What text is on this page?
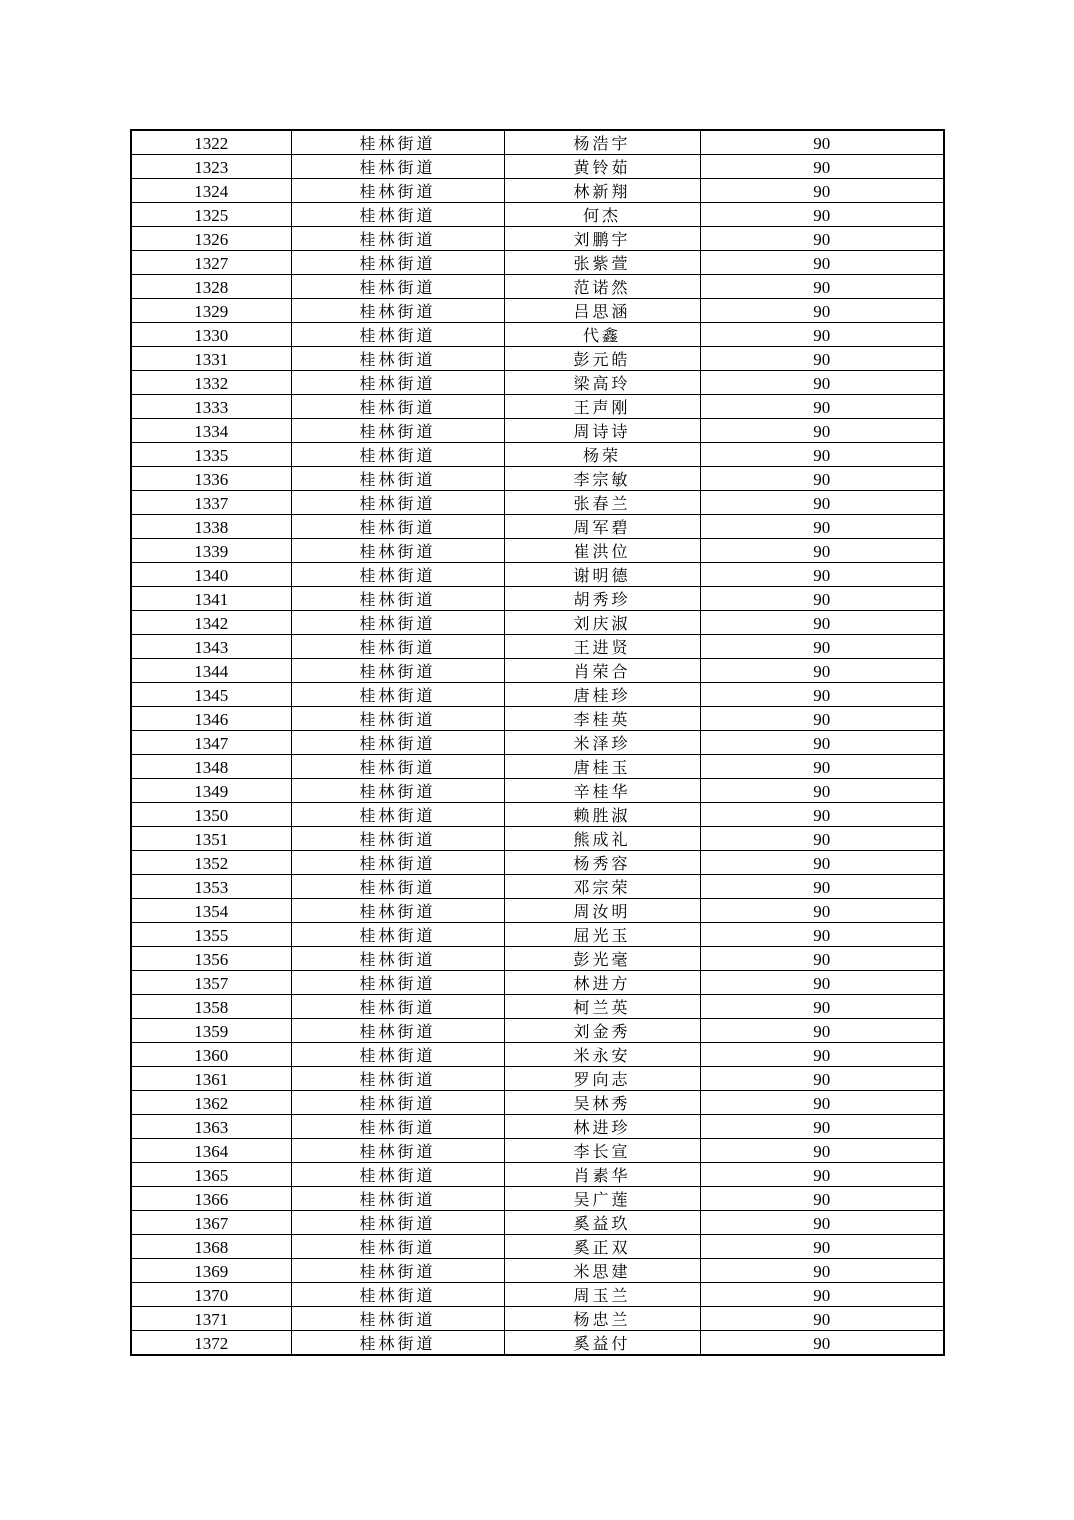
1322	桂林街道	杨浩宇	90
1323	桂林街道	黄铃茹	90
1324	桂林街道	林新翔	90
1325	桂林街道	何杰	90
1326	桂林街道	刘鹏宇	90
1327	桂林街道	张紫萱	90
1328	桂林街道	范诺然	90
1329	桂林街道	吕思涵	90
1330	桂林街道	代鑫	90
1331	桂林街道	彭元皓	90
1332	桂林街道	梁高玲	90
1333	桂林街道	王声刚	90
1334	桂林街道	周诗诗	90
1335	桂林街道	杨荣	90
1336	桂林街道	李宗敏	90
1337	桂林街道	张春兰	90
1338	桂林街道	周军碧	90
1339	桂林街道	崔洪位	90
1340	桂林街道	谢明德	90
1341	桂林街道	胡秀珍	90
1342	桂林街道	刘庆淑	90
1343	桂林街道	王进贤	90
1344	桂林街道	肖荣合	90
1345	桂林街道	唐桂珍	90
1346	桂林街道	李桂英	90
1347	桂林街道	米泽珍	90
1348	桂林街道	唐桂玉	90
1349	桂林街道	辛桂华	90
1350	桂林街道	赖胜淑	90
1351	桂林街道	熊成礼	90
1352	桂林街道	杨秀容	90
1353	桂林街道	邓宗荣	90
1354	桂林街道	周汝明	90
1355	桂林街道	屈光玉	90
1356	桂林街道	彭光毫	90
1357	桂林街道	林进方	90
1358	桂林街道	柯兰英	90
1359	桂林街道	刘金秀	90
1360	桂林街道	米永安	90
1361	桂林街道	罗向志	90
1362	桂林街道	吴林秀	90
1363	桂林街道	林进珍	90
1364	桂林街道	李长宣	90
1365	桂林街道	肖素华	90
1366	桂林街道	吴广莲	90
1367	桂林街道	奚益玖	90
1368	桂林街道	奚正双	90
1369	桂林街道	米思建	90
1370	桂林街道	周玉兰	90
1371	桂林街道	杨忠兰	90
1372	桂林街道	奚益付	90
